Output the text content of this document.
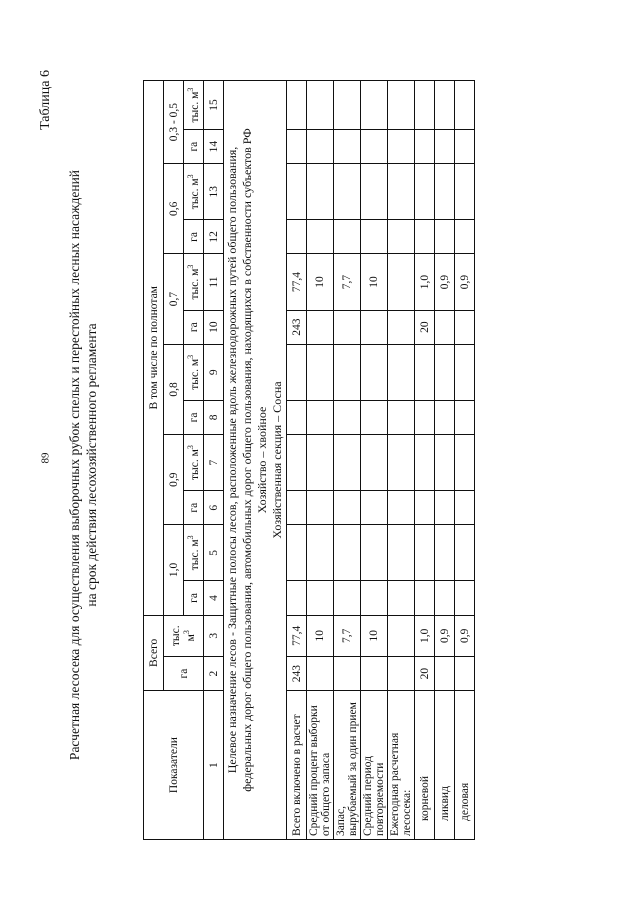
89
Таблица 6
Расчетная лесосека для осуществления выборочных рубок спелых и перестойных лесных насаждений на срок действия лесохозяйственного регламента
Показатели	Всего		В том числе по полнотам											
	га	тыс. $м^3$	1,0		0,9		0,8		0,7		0,6		0,3 - 0,5	
			га	тыс. $м^3$	га	тыс. $м^3$	га	тыс. $м^3$	га	тыс. $м^3$	га	тыс. $м^3$	га	тыс. $м^3$
1	2	3	4	5	6	7	8	9	10	11	12	13	14	15

Целевое назначение лесов - Защитные полосы лесов, расположенные вдоль железнодорожных путей общего пользования, федеральных дорог общего пользования, автомобильных дорог общего пользования, находящихся в собственности субъектов РФ Хозяйство – хвойное Хозяйственная секция – Сосна														

Всего включено в расчет	243	77,4							243	77,4				

Средний процент выборки от общего запаса		10								10				

Запас, вырубаемый за один прием		7,7								7,7				
Средний период повторяемости		10								10				
Ежегодная расчетная лесосека:														
корневой	20	1,0							20	1,0				
ликвид		0,9								0,9				
деловая		0,9								0,9				
